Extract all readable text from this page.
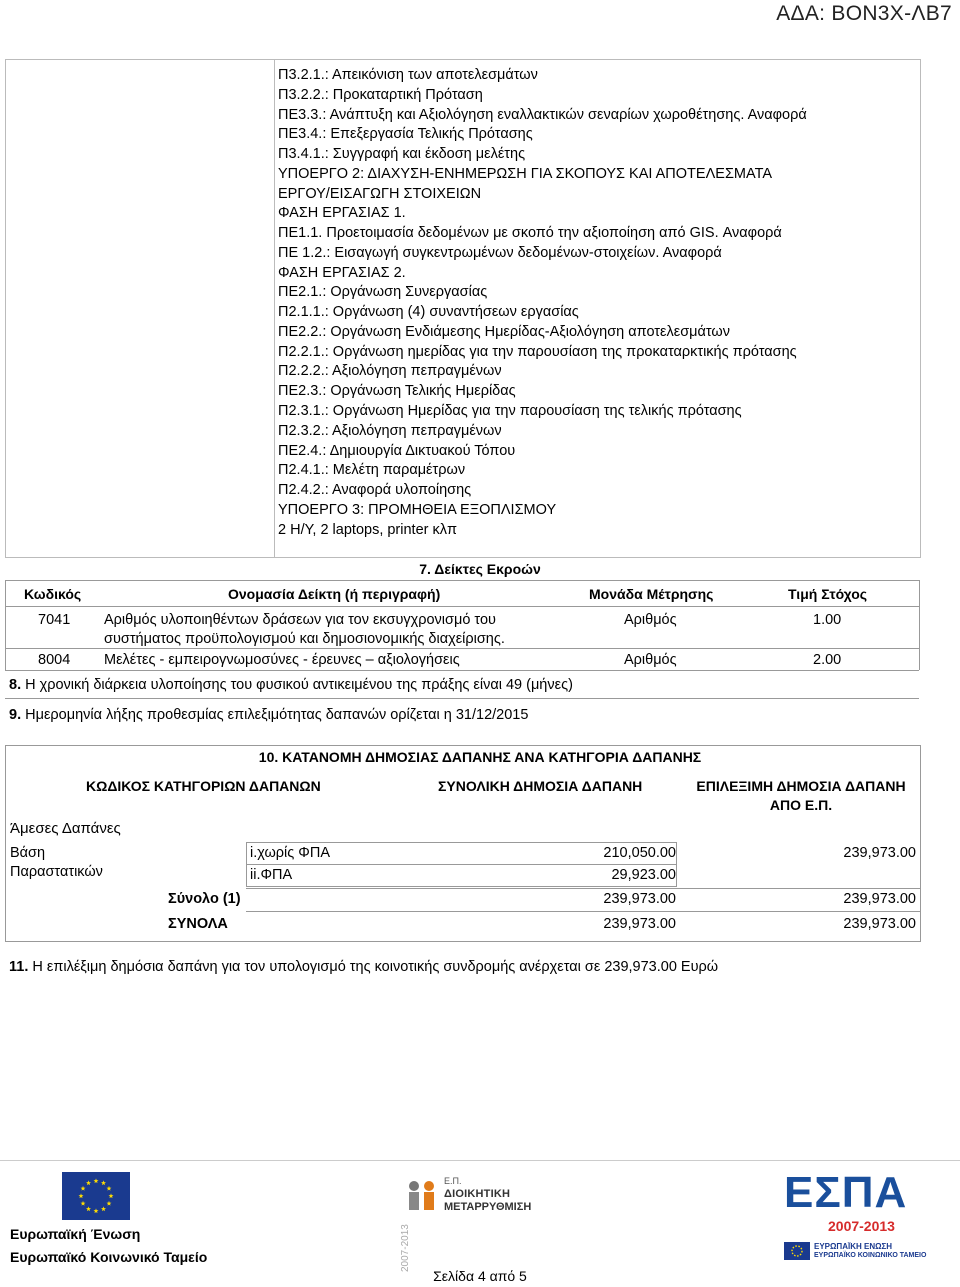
ΑΔΑ: ΒΟΝ3Χ-ΛΒ7
Π3.2.1.: Απεικόνιση των αποτελεσμάτων
Π3.2.2.: Προκαταρτική Πρόταση
ΠΕ3.3.: Ανάπτυξη και Αξιολόγηση εναλλακτικών σεναρίων χωροθέτησης. Αναφορά
ΠΕ3.4.: Επεξεργασία Τελικής Πρότασης
Π3.4.1.: Συγγραφή και έκδοση μελέτης
ΥΠΟΕΡΓΟ 2: ΔΙΑΧΥΣΗ-ΕΝΗΜΕΡΩΣΗ ΓΙΑ ΣΚΟΠΟΥΣ ΚΑΙ ΑΠΟΤΕΛΕΣΜΑΤΑ
ΕΡΓΟΥ/ΕΙΣΑΓΩΓΗ ΣΤΟΙΧΕΙΩΝ
ΦΑΣΗ ΕΡΓΑΣΙΑΣ 1.
ΠΕ1.1. Προετοιμασία δεδομένων με σκοπό την αξιοποίηση από GIS. Αναφορά
ΠΕ 1.2.: Εισαγωγή συγκεντρωμένων δεδομένων-στοιχείων. Αναφορά
ΦΑΣΗ ΕΡΓΑΣΙΑΣ 2.
ΠΕ2.1.: Οργάνωση Συνεργασίας
Π2.1.1.: Οργάνωση (4) συναντήσεων εργασίας
ΠΕ2.2.: Οργάνωση Ενδιάμεσης Ημερίδας-Αξιολόγηση αποτελεσμάτων
Π2.2.1.: Οργάνωση ημερίδας για την παρουσίαση της προκαταρκτικής πρότασης
Π2.2.2.: Αξιολόγηση πεπραγμένων
ΠΕ2.3.: Οργάνωση Τελικής Ημερίδας
Π2.3.1.: Οργάνωση Ημερίδας για την παρουσίαση της τελικής πρότασης
Π2.3.2.: Αξιολόγηση πεπραγμένων
ΠΕ2.4.: Δημιουργία Δικτυακού Τόπου
Π2.4.1.: Μελέτη παραμέτρων
Π2.4.2.: Αναφορά υλοποίησης
ΥΠΟΕΡΓΟ 3: ΠΡΟΜΗΘΕΙΑ ΕΞΟΠΛΙΣΜΟΥ
2 Η/Υ, 2 laptops, printer κλπ
7. Δείκτες Εκροών
Κωδικός	Ονομασία Δείκτη (ή περιγραφή)	Μονάδα Μέτρησης	Τιμή Στόχος
7041 Αριθμός υλοποιηθέντων δράσεων για τον εκσυγχρονισμό του
συστήματος προϋπολογισμού και δημοσιονομικής διαχείρισης.
Αριθμός	1.00
8004 Μελέτες - εμπειρογνωμοσύνες - έρευνες – αξιολογήσεις	Αριθμός	2.00
8. Η χρονική διάρκεια υλοποίησης του φυσικού αντικειμένου της πράξης είναι 49 (μήνες)
9. Ημερομηνία λήξης προθεσμίας επιλεξιμότητας δαπανών ορίζεται η 31/12/2015
10. ΚΑΤΑΝΟΜΗ ΔΗΜΟΣΙΑΣ ΔΑΠΑΝΗΣ ΑΝΑ ΚΑΤΗΓΟΡΙΑ ΔΑΠΑΝΗΣ
ΚΩΔΙΚΟΣ ΚΑΤΗΓΟΡΙΩΝ ΔΑΠΑΝΩΝ	ΣΥΝΟΛΙΚΗ ΔΗΜΟΣΙΑ ΔΑΠΑΝΗ	ΕΠΙΛΕΞΙΜΗ ΔΗΜΟΣΙΑ ΔΑΠΑΝΗ
ΑΠΟ Ε.Π.
Άμεσες Δαπάνες
Βάση
Παραστατικών
i.χωρίς ΦΠΑ	210,050.00	239,973.00
ii.ΦΠΑ	29,923.00
Σύνολο (1)	239,973.00	239,973.00
ΣΥΝΟΛΑ	239,973.00	239,973.00
11. Η επιλέξιμη δημόσια δαπάνη για τον υπολογισμό της κοινοτικής συνδρομής ανέρχεται σε 239,973.00 Ευρώ
Ευρωπαϊκή Ένωση
Ευρωπαϊκό Κοινωνικό Ταμείο
Ε.Π.
ΔΙΟΙΚΗΤΙΚΗ
ΜΕΤΑΡΡΥΘΜΙΣΗ
2007-2013
Σελίδα 4 από 5
ΕΣΠΑ
2007-2013
ΕΥΡΩΠΑΪΚΗ ΕΝΩΣΗ
ΕΥΡΩΠΑΪΚΟ ΚΟΙΝΩΝΙΚΟ ΤΑΜΕΙΟ
